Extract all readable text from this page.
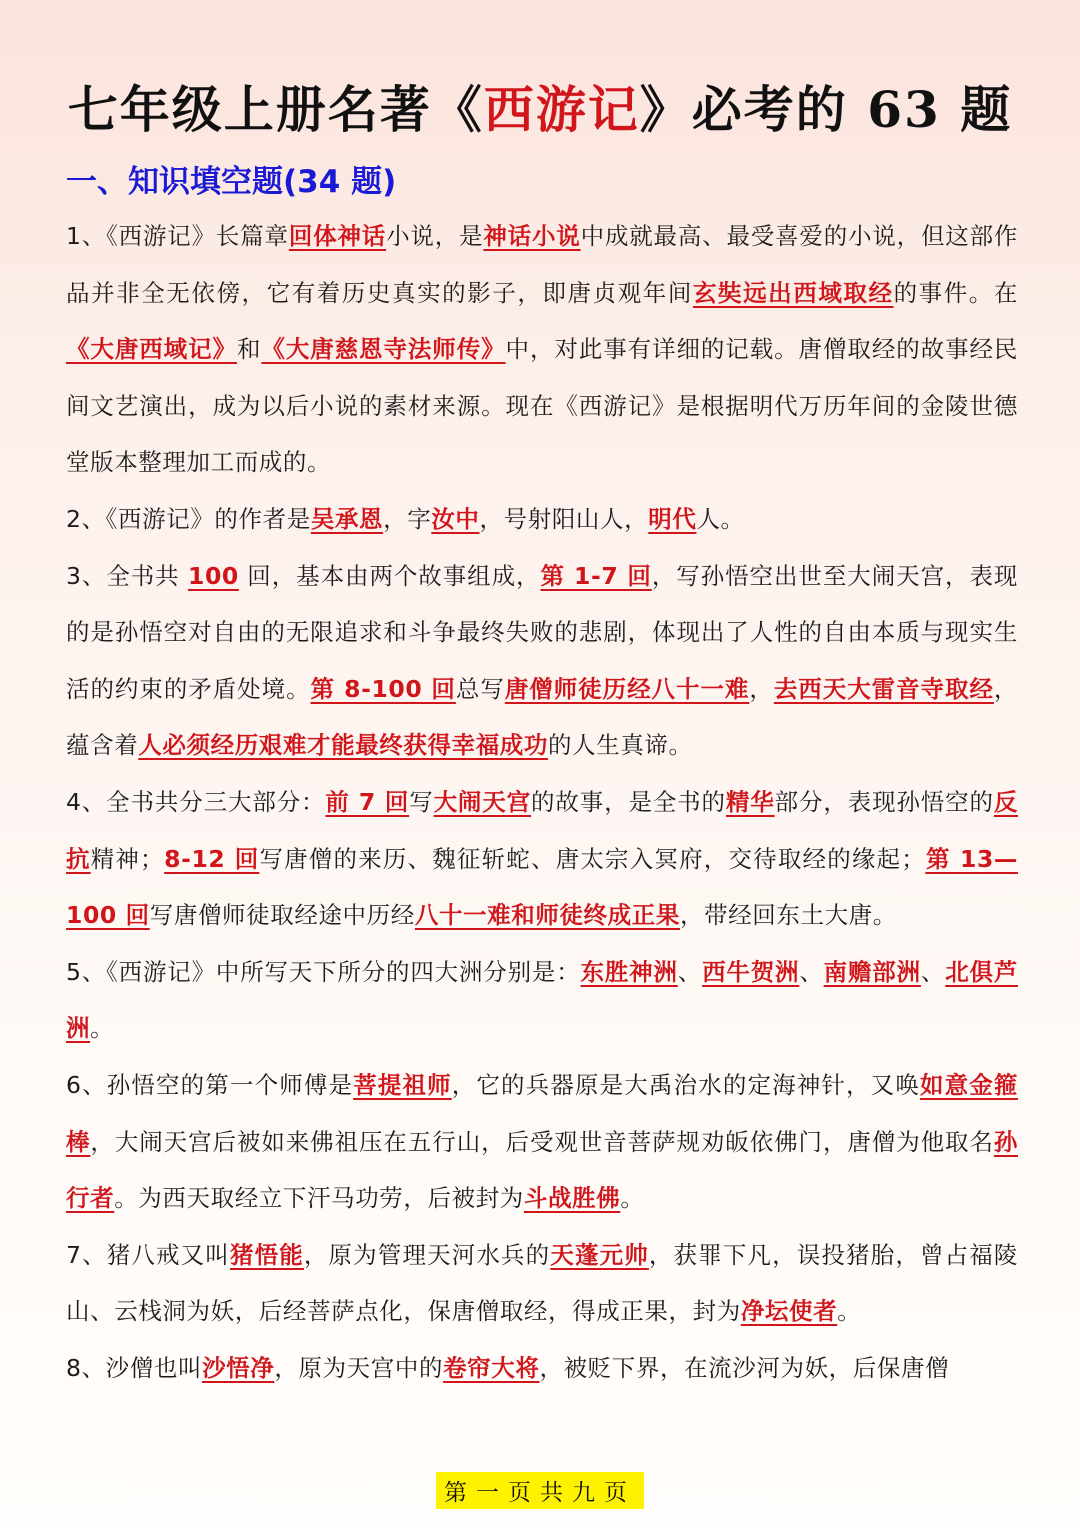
七年级上册名著《西游记》必考的 63 题
一、知识填空题(34 题)

1、《西游记》长篇章回体神话小说，是神话小说中成就最高、最受喜爱的小说，但这部作品并非全无依傍，它有着历史真实的影子，即唐贞观年间玄奘远出西域取经的事件。在《大唐西域记》和《大唐慈恩寺法师传》中，对此事有详细的记载。唐僧取经的故事经民间文艺演出，成为以后小说的素材来源。现在《西游记》是根据明代万历年间的金陵世德堂版本整理加工而成的。

2、《西游记》的作者是吴承恩，字汝中，号射阳山人，明代人。

3、全书共 100 回，基本由两个故事组成，第 1-7 回，写孙悟空出世至大闹天宫，表现的是孙悟空对自由的无限追求和斗争最终失败的悲剧，体现出了人性的自由本质与现实生活的约束的矛盾处境。第 8-100 回总写唐僧师徒历经八十一难，去西天大雷音寺取经，蕴含着人必须经历艰难才能最终获得幸福成功的人生真谛。

4、全书共分三大部分：前 7 回写大闹天宫的故事，是全书的精华部分，表现孙悟空的反抗精神；8-12 回写唐僧的来历、魏征斩蛇、唐太宗入冥府，交待取经的缘起；第 13—100 回写唐僧师徒取经途中历经八十一难和师徒终成正果，带经回东土大唐。

5、《西游记》中所写天下所分的四大洲分别是：东胜神洲、西牛贺洲、南赡部洲、北俱芦洲。

6、孙悟空的第一个师傅是菩提祖师，它的兵器原是大禹治水的定海神针，又唤如意金箍棒，大闹天宫后被如来佛祖压在五行山，后受观世音菩萨规劝皈依佛门，唐僧为他取名孙行者。为西天取经立下汗马功劳，后被封为斗战胜佛。

7、猪八戒又叫猪悟能，原为管理天河水兵的天蓬元帅，获罪下凡，误投猪胎，曾占福陵山、云栈洞为妖，后经菩萨点化，保唐僧取经，得成正果，封为净坛使者。

8、沙僧也叫沙悟净，原为天宫中的卷帘大将，被贬下界，在流沙河为妖，后保唐僧

第一页共九页
